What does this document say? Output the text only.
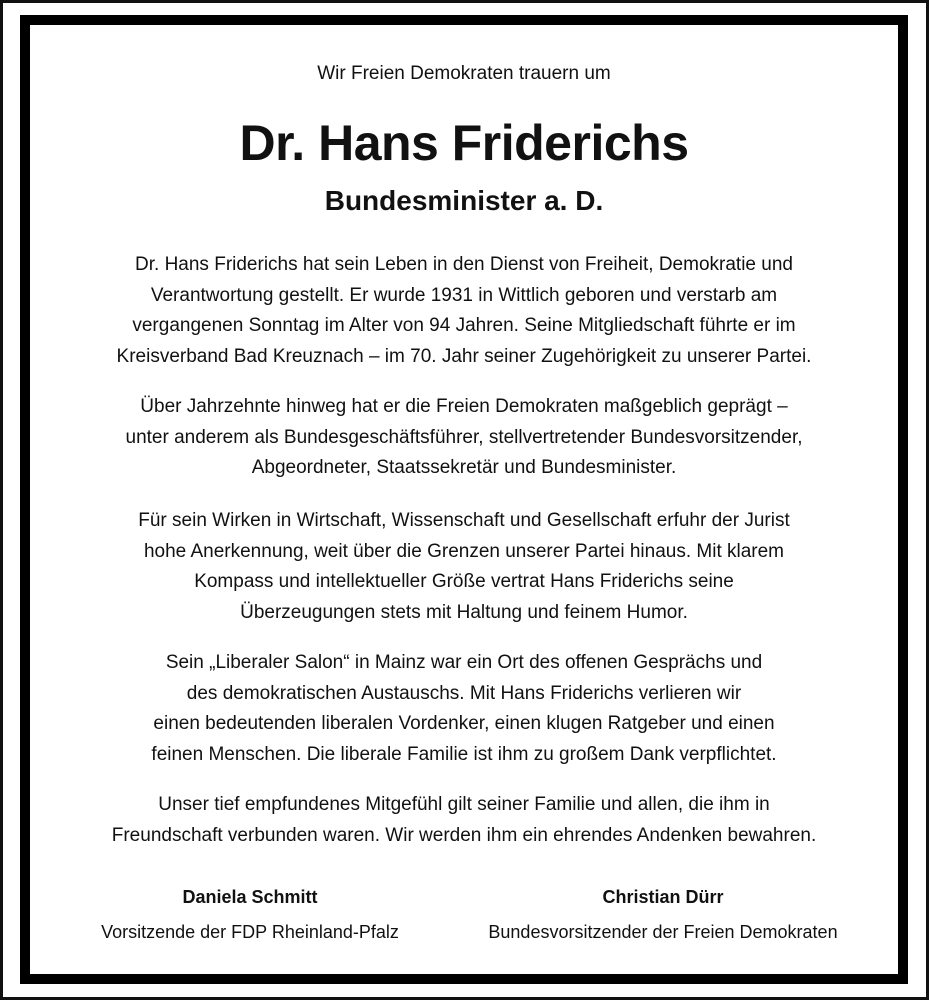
Wir Freien Demokraten trauern um
Dr. Hans Friderichs
Bundesminister a. D.
Dr. Hans Friderichs hat sein Leben in den Dienst von Freiheit, Demokratie und
Verantwortung gestellt. Er wurde 1931 in Wittlich geboren und verstarb am
vergangenen Sonntag im Alter von 94 Jahren. Seine Mitgliedschaft führte er im
Kreisverband Bad Kreuznach – im 70. Jahr seiner Zugehörigkeit zu unserer Partei.
Über Jahrzehnte hinweg hat er die Freien Demokraten maßgeblich geprägt –
unter anderem als Bundesgeschäftsführer, stellvertretender Bundesvorsitzender,
Abgeordneter, Staatssekretär und Bundesminister.
Für sein Wirken in Wirtschaft, Wissenschaft und Gesellschaft erfuhr der Jurist
hohe Anerkennung, weit über die Grenzen unserer Partei hinaus. Mit klarem
Kompass und intellektueller Größe vertrat Hans Friderichs seine
Überzeugungen stets mit Haltung und feinem Humor.
Sein „Liberaler Salon“ in Mainz war ein Ort des offenen Gesprächs und
des demokratischen Austauschs. Mit Hans Friderichs verlieren wir
einen bedeutenden liberalen Vordenker, einen klugen Ratgeber und einen
feinen Menschen. Die liberale Familie ist ihm zu großem Dank verpflichtet.
Unser tief empfundenes Mitgefühl gilt seiner Familie und allen, die ihm in
Freundschaft verbunden waren. Wir werden ihm ein ehrendes Andenken bewahren.
Daniela Schmitt
Vorsitzende der FDP Rheinland-Pfalz
Christian Dürr
Bundesvorsitzender der Freien Demokraten
